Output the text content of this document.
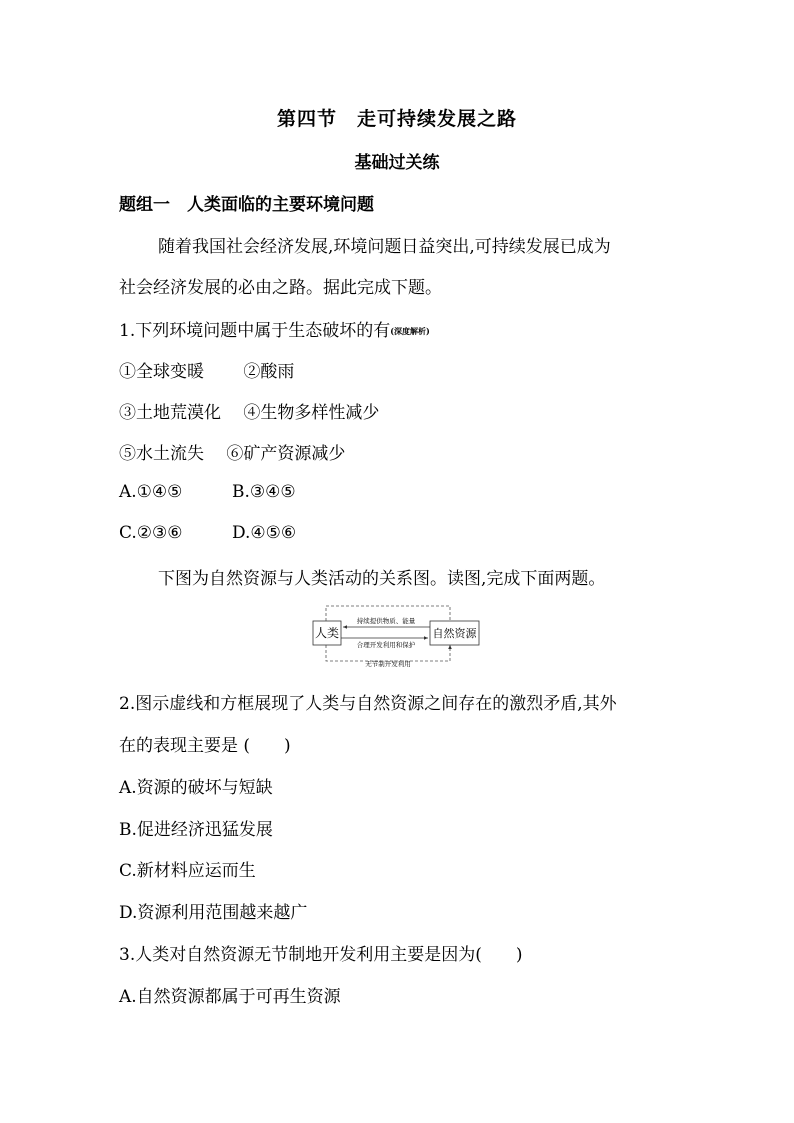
第四节　走可持续发展之路
基础过关练
题组一　人类面临的主要环境问题
随着我国社会经济发展,环境问题日益突出,可持续发展已成为
社会经济发展的必由之路。据此完成下题。
1.下列环境问题中属于生态破坏的有(深度解析)
①全球变暖　　 ②酸雨
③土地荒漠化　 ④生物多样性减少
⑤水土流失　 ⑥矿产资源减少
A.①④⑤	B.③④⑤
C.②③⑥	D.④⑤⑥
下图为自然资源与人类活动的关系图。读图,完成下面两题。
人类	自然资源
持续提供物质、能量
合理开发利用和保护
无节制开发利用
2.图示虚线和方框展现了人类与自然资源之间存在的激烈矛盾,其外
在的表现主要是 (　　)
A.资源的破坏与短缺
B.促进经济迅猛发展
C.新材料应运而生
D.资源利用范围越来越广
3.人类对自然资源无节制地开发利用主要是因为(　　)
A.自然资源都属于可再生资源
